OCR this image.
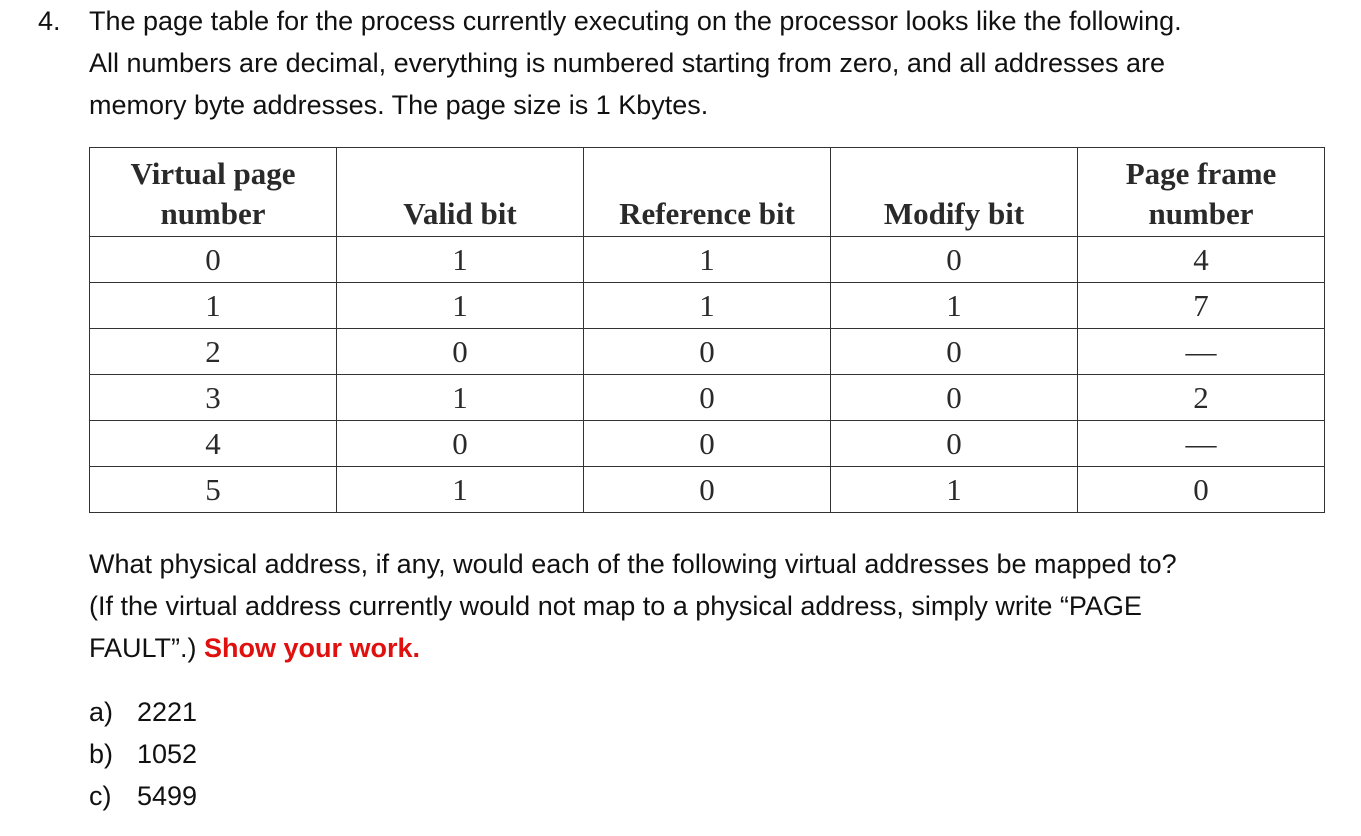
4. The page table for the process currently executing on the processor looks like the following.

All numbers are decimal, everything is numbered starting from zero, and all addresses are

memory byte addresses. The page size is 1 Kbytes.

Virtual page
number	Valid bit	Reference bit	Modify bit	Page frame
number
0	1	1	0	4
1	1	1	1	7
2	0	0	0	—
3	1	0	0	2
4	0	0	0	—
5	1	0	1	0

What physical address, if any, would each of the following virtual addresses be mapped to?

(If the virtual address currently would not map to a physical address, simply write “PAGE

FAULT”.) Show your work.

a) 2221
b) 1052
c) 5499
